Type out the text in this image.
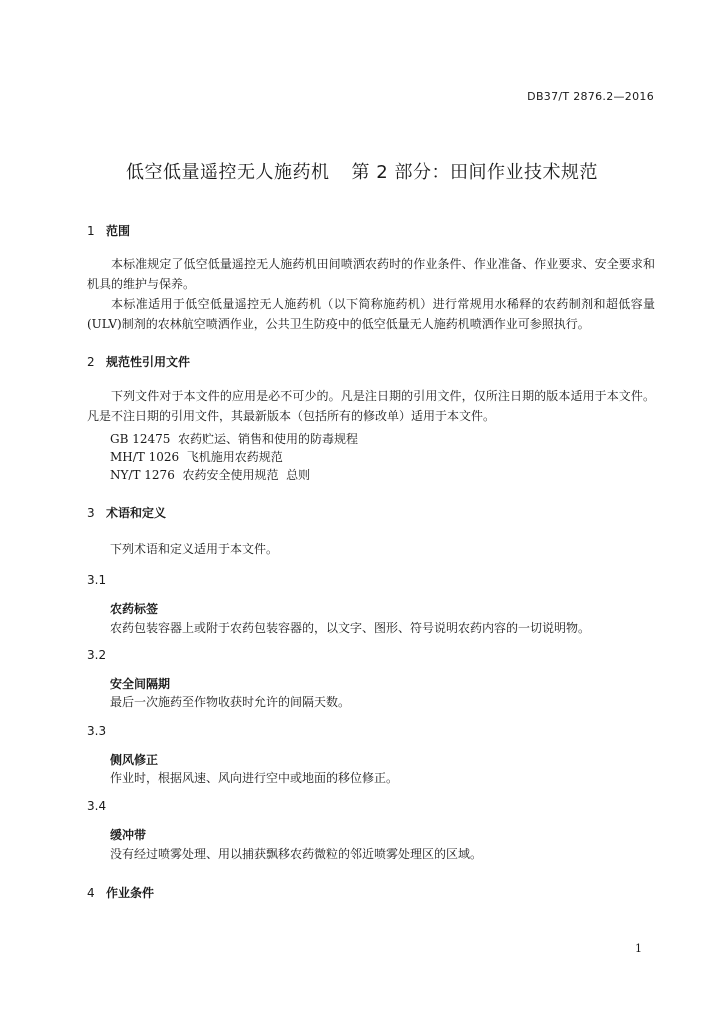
DB37/T 2876.2—2016
低空低量遥控无人施药机 第 2 部分：田间作业技术规范
1 范围
本标准规定了低空低量遥控无人施药机田间喷洒农药时的作业条件、作业准备、作业要求、安全要求和机具的维护与保养。
本标准适用于低空低量遥控无人施药机（以下简称施药机）进行常规用水稀释的农药制剂和超低容量(ULV)制剂的农林航空喷洒作业，公共卫生防疫中的低空低量无人施药机喷洒作业可参照执行。
2 规范性引用文件
下列文件对于本文件的应用是必不可少的。凡是注日期的引用文件，仅所注日期的版本适用于本文件。凡是不注日期的引用文件，其最新版本（包括所有的修改单）适用于本文件。
GB 12475  农药贮运、销售和使用的防毒规程
MH/T 1026  飞机施用农药规范
NY/T 1276  农药安全使用规范  总则
3 术语和定义
下列术语和定义适用于本文件。
3.1
农药标签
农药包装容器上或附于农药包装容器的，以文字、图形、符号说明农药内容的一切说明物。
3.2
安全间隔期
最后一次施药至作物收获时允许的间隔天数。
3.3
侧风修正
作业时，根据风速、风向进行空中或地面的移位修正。
3.4
缓冲带
没有经过喷雾处理、用以捕获飘移农药微粒的邻近喷雾处理区的区域。
4 作业条件
1
